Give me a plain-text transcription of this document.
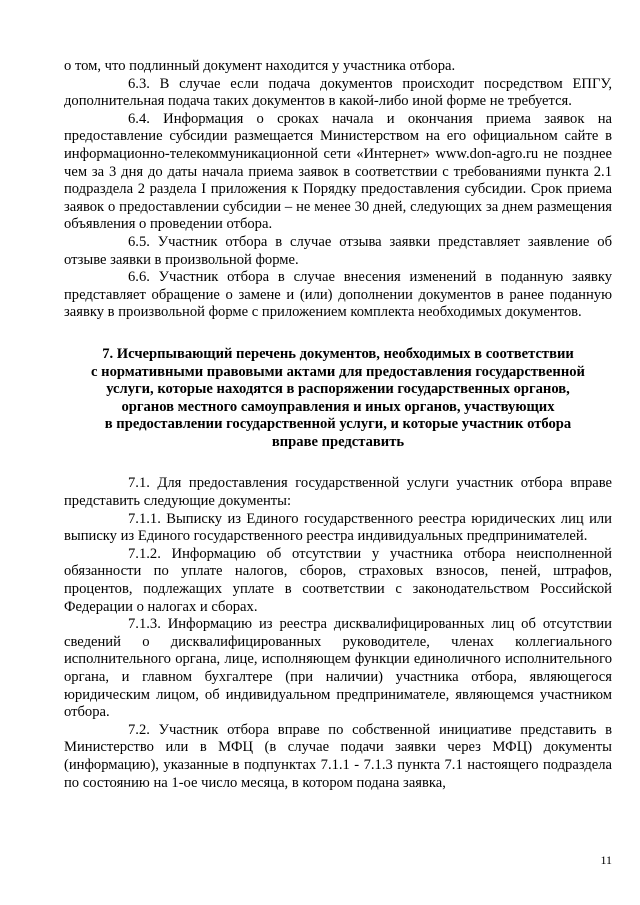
о том, что подлинный документ находится у участника отбора.

6.3. В случае если подача документов происходит посредством ЕПГУ, дополнительная подача таких документов в какой-либо иной форме не требуется.

6.4. Информация о сроках начала и окончания приема заявок на предоставление субсидии размещается Министерством на его официальном сайте в информационно-телекоммуникационной сети «Интернет» www.don-agro.ru не позднее чем за 3 дня до даты начала приема заявок в соответствии с требованиями пункта 2.1 подраздела 2 раздела I приложения к Порядку предоставления субсидии. Срок приема заявок о предоставлении субсидии – не менее 30 дней, следующих за днем размещения объявления о проведении отбора.

6.5. Участник отбора в случае отзыва заявки представляет заявление об отзыве заявки в произвольной форме.

6.6. Участник отбора в случае внесения изменений в поданную заявку представляет обращение о замене и (или) дополнении документов в ранее поданную заявку в произвольной форме с приложением комплекта необходимых документов.

7. Исчерпывающий перечень документов, необходимых в соответствии
с нормативными правовыми актами для предоставления государственной
услуги, которые находятся в распоряжении государственных органов,
органов местного самоуправления и иных органов, участвующих
в предоставлении государственной услуги, и которые участник отбора
вправе представить

7.1. Для предоставления государственной услуги участник отбора вправе представить следующие документы:

7.1.1. Выписку из Единого государственного реестра юридических лиц или выписку из Единого государственного реестра индивидуальных предпринимателей.

7.1.2. Информацию об отсутствии у участника отбора неисполненной обязанности по уплате налогов, сборов, страховых взносов, пеней, штрафов, процентов, подлежащих уплате в соответствии с законодательством Российской Федерации о налогах и сборах.

7.1.3. Информацию из реестра дисквалифицированных лиц об отсутствии сведений о дисквалифицированных руководителе, членах коллегиального исполнительного органа, лице, исполняющем функции единоличного исполнительного органа, и главном бухгалтере (при наличии) участника отбора, являющегося юридическим лицом, об индивидуальном предпринимателе, являющемся участником отбора.

7.2. Участник отбора вправе по собственной инициативе представить в Министерство или в МФЦ (в случае подачи заявки через МФЦ) документы (информацию), указанные в подпунктах 7.1.1 - 7.1.3 пункта 7.1 настоящего подраздела по состоянию на 1-ое число месяца, в котором подана заявка,

11
